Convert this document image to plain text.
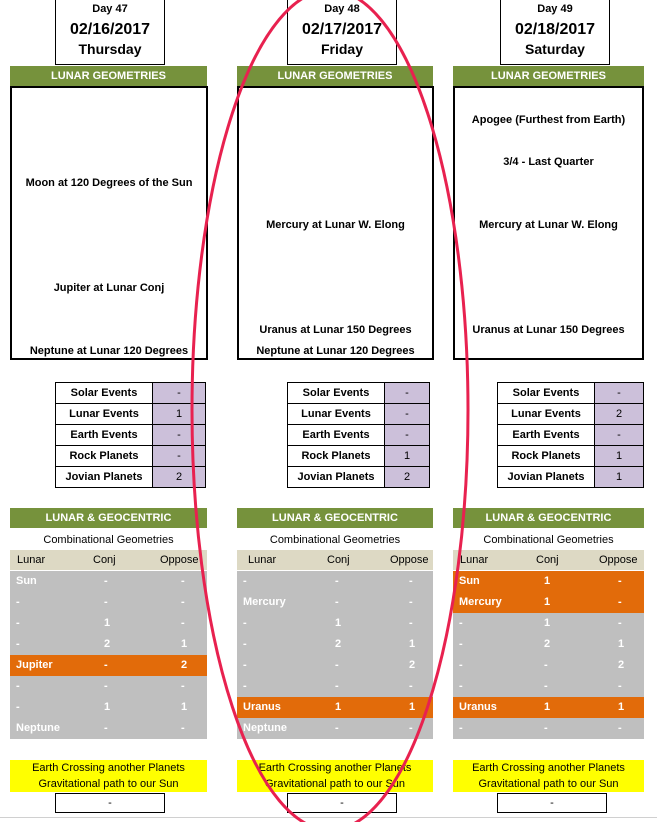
Day 47
02/16/2017
Thursday
LUNAR GEOMETRIES
Moon at 120 Degrees of the Sun
Jupiter at Lunar Conj
Neptune at Lunar 120 Degrees
Solar Events	-
Lunar Events	1
Earth Events	-
Rock Planets	-
Jovian Planets	2
LUNAR & GEOCENTRIC
Combinational Geometries
Lunar	Conj	Oppose
Sun	-	-
-	-	-
-	1	-
-	2	1
Jupiter	-	2
-	-	-
-	1	1
Neptune	-	-
Earth Crossing another Planets
Gravitational path to our Sun
-
Day 48
02/17/2017
Friday
LUNAR GEOMETRIES
Mercury at Lunar W. Elong
Uranus at Lunar 150 Degrees
Neptune at Lunar 120 Degrees
Solar Events	-
Lunar Events	-
Earth Events	-
Rock Planets	1
Jovian Planets	2
LUNAR & GEOCENTRIC
Combinational Geometries
Lunar	Conj	Oppose
-	-	-
Mercury	-	-
-	1	-
-	2	1
-	-	2
-	-	-
Uranus	1	1
Neptune	-	-
Earth Crossing another Planets
Gravitational path to our Sun
-
Day 49
02/18/2017
Saturday
LUNAR GEOMETRIES
Apogee (Furthest from Earth)
3/4 - Last Quarter
Mercury at Lunar W. Elong
Uranus at Lunar 150 Degrees
Solar Events	-
Lunar Events	2
Earth Events	-
Rock Planets	1
Jovian Planets	1
LUNAR & GEOCENTRIC
Combinational Geometries
Lunar	Conj	Oppose
Sun	1	-
Mercury	1	-
-	1	-
-	2	1
-	-	2
-	-	-
Uranus	1	1
-	-	-
Earth Crossing another Planets
Gravitational path to our Sun
-
